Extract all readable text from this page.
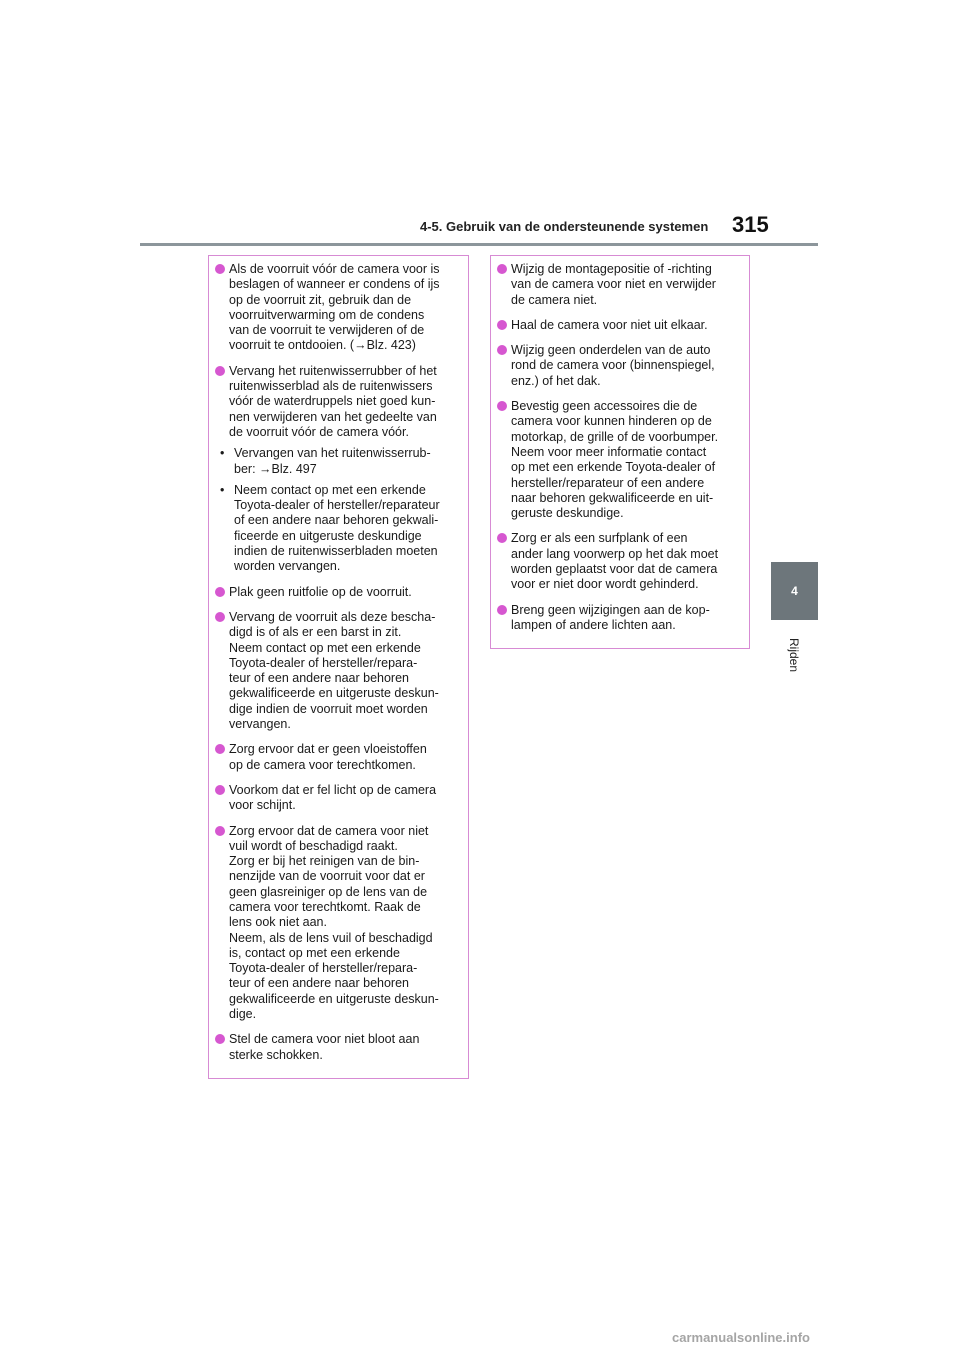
4-5. Gebruik van de ondersteunende systemen 315
4
Rijden
Als de voorruit vóór de camera voor is
beslagen of wanneer er condens of ijs
op de voorruit zit, gebruik dan de
voorruitverwarming om de condens
van de voorruit te verwijderen of de
voorruit te ontdooien. (→Blz. 423)
Vervang het ruitenwisserrubber of het
ruitenwisserblad als de ruitenwissers
vóór de waterdruppels niet goed kun-
nen verwijderen van het gedeelte van
de voorruit vóór de camera vóór.
• Vervangen van het ruitenwisserrub-
ber: →Blz. 497
• Neem contact op met een erkende
Toyota-dealer of hersteller/reparateur
of een andere naar behoren gekwali-
ficeerde en uitgeruste deskundige
indien de ruitenwisserbladen moeten
worden vervangen.
Plak geen ruitfolie op de voorruit.
Vervang de voorruit als deze bescha-
digd is of als er een barst in zit.
Neem contact op met een erkende
Toyota-dealer of hersteller/repara-
teur of een andere naar behoren
gekwalificeerde en uitgeruste deskun-
dige indien de voorruit moet worden
vervangen.
Zorg ervoor dat er geen vloeistoffen
op de camera voor terechtkomen.
Voorkom dat er fel licht op de camera
voor schijnt.
Zorg ervoor dat de camera voor niet
vuil wordt of beschadigd raakt.
Zorg er bij het reinigen van de bin-
nenzijde van de voorruit voor dat er
geen glasreiniger op de lens van de
camera voor terechtkomt. Raak de
lens ook niet aan.
Neem, als de lens vuil of beschadigd
is, contact op met een erkende
Toyota-dealer of hersteller/repara-
teur of een andere naar behoren
gekwalificeerde en uitgeruste deskun-
dige.
Stel de camera voor niet bloot aan
sterke schokken.
Wijzig de montagepositie of -richting
van de camera voor niet en verwijder
de camera niet.
Haal de camera voor niet uit elkaar.
Wijzig geen onderdelen van de auto
rond de camera voor (binnenspiegel,
enz.) of het dak.
Bevestig geen accessoires die de
camera voor kunnen hinderen op de
motorkap, de grille of de voorbumper.
Neem voor meer informatie contact
op met een erkende Toyota-dealer of
hersteller/reparateur of een andere
naar behoren gekwalificeerde en uit-
geruste deskundige.
Zorg er als een surfplank of een
ander lang voorwerp op het dak moet
worden geplaatst voor dat de camera
voor er niet door wordt gehinderd.
Breng geen wijzigingen aan de kop-
lampen of andere lichten aan.
carmanualsonline.info
